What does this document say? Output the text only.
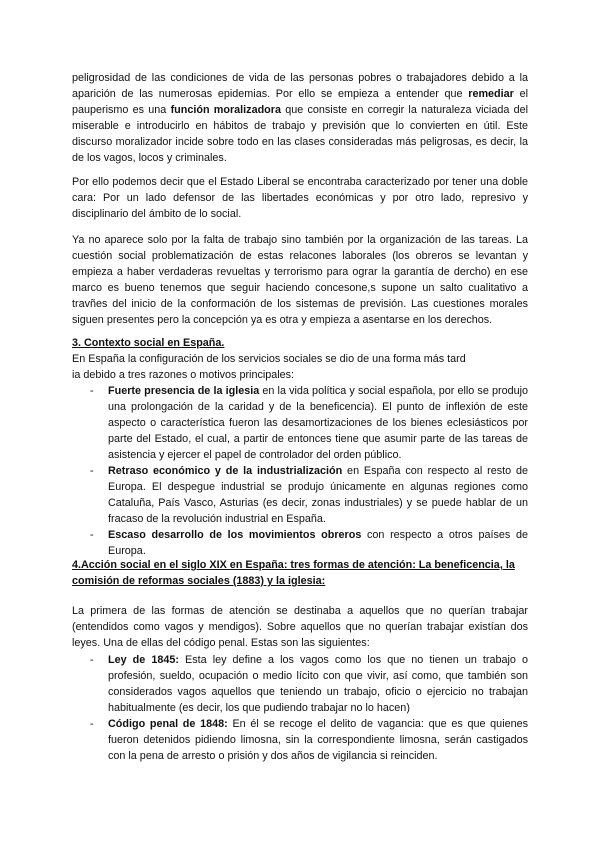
peligrosidad de las condiciones de vida de las personas pobres o trabajadores debido a la aparición de las numerosas epidemias. Por ello se empieza a entender que remediar el pauperismo es una función moralizadora que consiste en corregir la naturaleza viciada del miserable e introducirlo en hábitos de trabajo y previsión que lo convierten en útil. Este discurso moralizador incide sobre todo en las clases consideradas más peligrosas, es decir, la de los vagos, locos y criminales.

Por ello podemos decir que el Estado Liberal se encontraba caracterizado por tener una doble cara: Por un lado defensor de las libertades económicas y por otro lado, represivo y disciplinario del ámbito de lo social.

Ya no aparece solo por la falta de trabajo sino también por la organización de las tareas. La cuestión social problematización de estas relacones laborales (los obreros se levantan y empieza a haber verdaderas revueltas y terrorismo para ograr la garantía de dercho) en ese marco es bueno tenemos que seguir haciendo concesone,s supone un salto cualitativo a travñes del inicio de la conformación de los sistemas de previsión. Las cuestiones morales siguen presentes pero la concepción ya es otra y empieza a asentarse en los derechos.

3. Contexto social en España.
En España la configuración de los servicios sociales se dio de una forma más tard
ia debido a tres razones o motivos principales:
- Fuerte presencia de la iglesia en la vida política y social española, por ello se produjo una prolongación de la caridad y de la beneficencia). El punto de inflexión de este aspecto o característica fueron las desamortizaciones de los bienes eclesiásticos por parte del Estado, el cual, a partir de entonces tiene que asumir parte de las tareas de asistencia y ejercer el papel de controlador del orden público.
- Retraso económico y de la industrialización en España con respecto al resto de Europa. El despegue industrial se produjo únicamente en algunas regiones como Cataluña, País Vasco, Asturias (es decir, zonas industriales) y se puede hablar de un fracaso de la revolución industrial en España.
- Escaso desarrollo de los movimientos obreros con respecto a otros países de Europa.
4.Acción social en el siglo XIX en España: tres formas de atención: La beneficencia, la comisión de reformas sociales (1883) y la iglesia:

La primera de las formas de atención se destinaba a aquellos que no querían trabajar (entendidos como vagos y mendigos). Sobre aquellos que no querían trabajar existían dos leyes. Una de ellas del código penal. Estas son las siguientes:

- Ley de 1845: Esta ley define a los vagos como los que no tienen un trabajo o profesión, sueldo, ocupación o medio lícito con que vivir, así como, que también son considerados vagos aquellos que teniendo un trabajo, oficio o ejercicio no trabajan habitualmente (es decir, los que pudiendo trabajar no lo hacen)
- Código penal de 1848: En él se recoge el delito de vagancia: que es que quienes fueron detenidos pidiendo limosna, sin la correspondiente limosna, serán castigados con la pena de arresto o prisión y dos años de vigilancia si reinciden.
